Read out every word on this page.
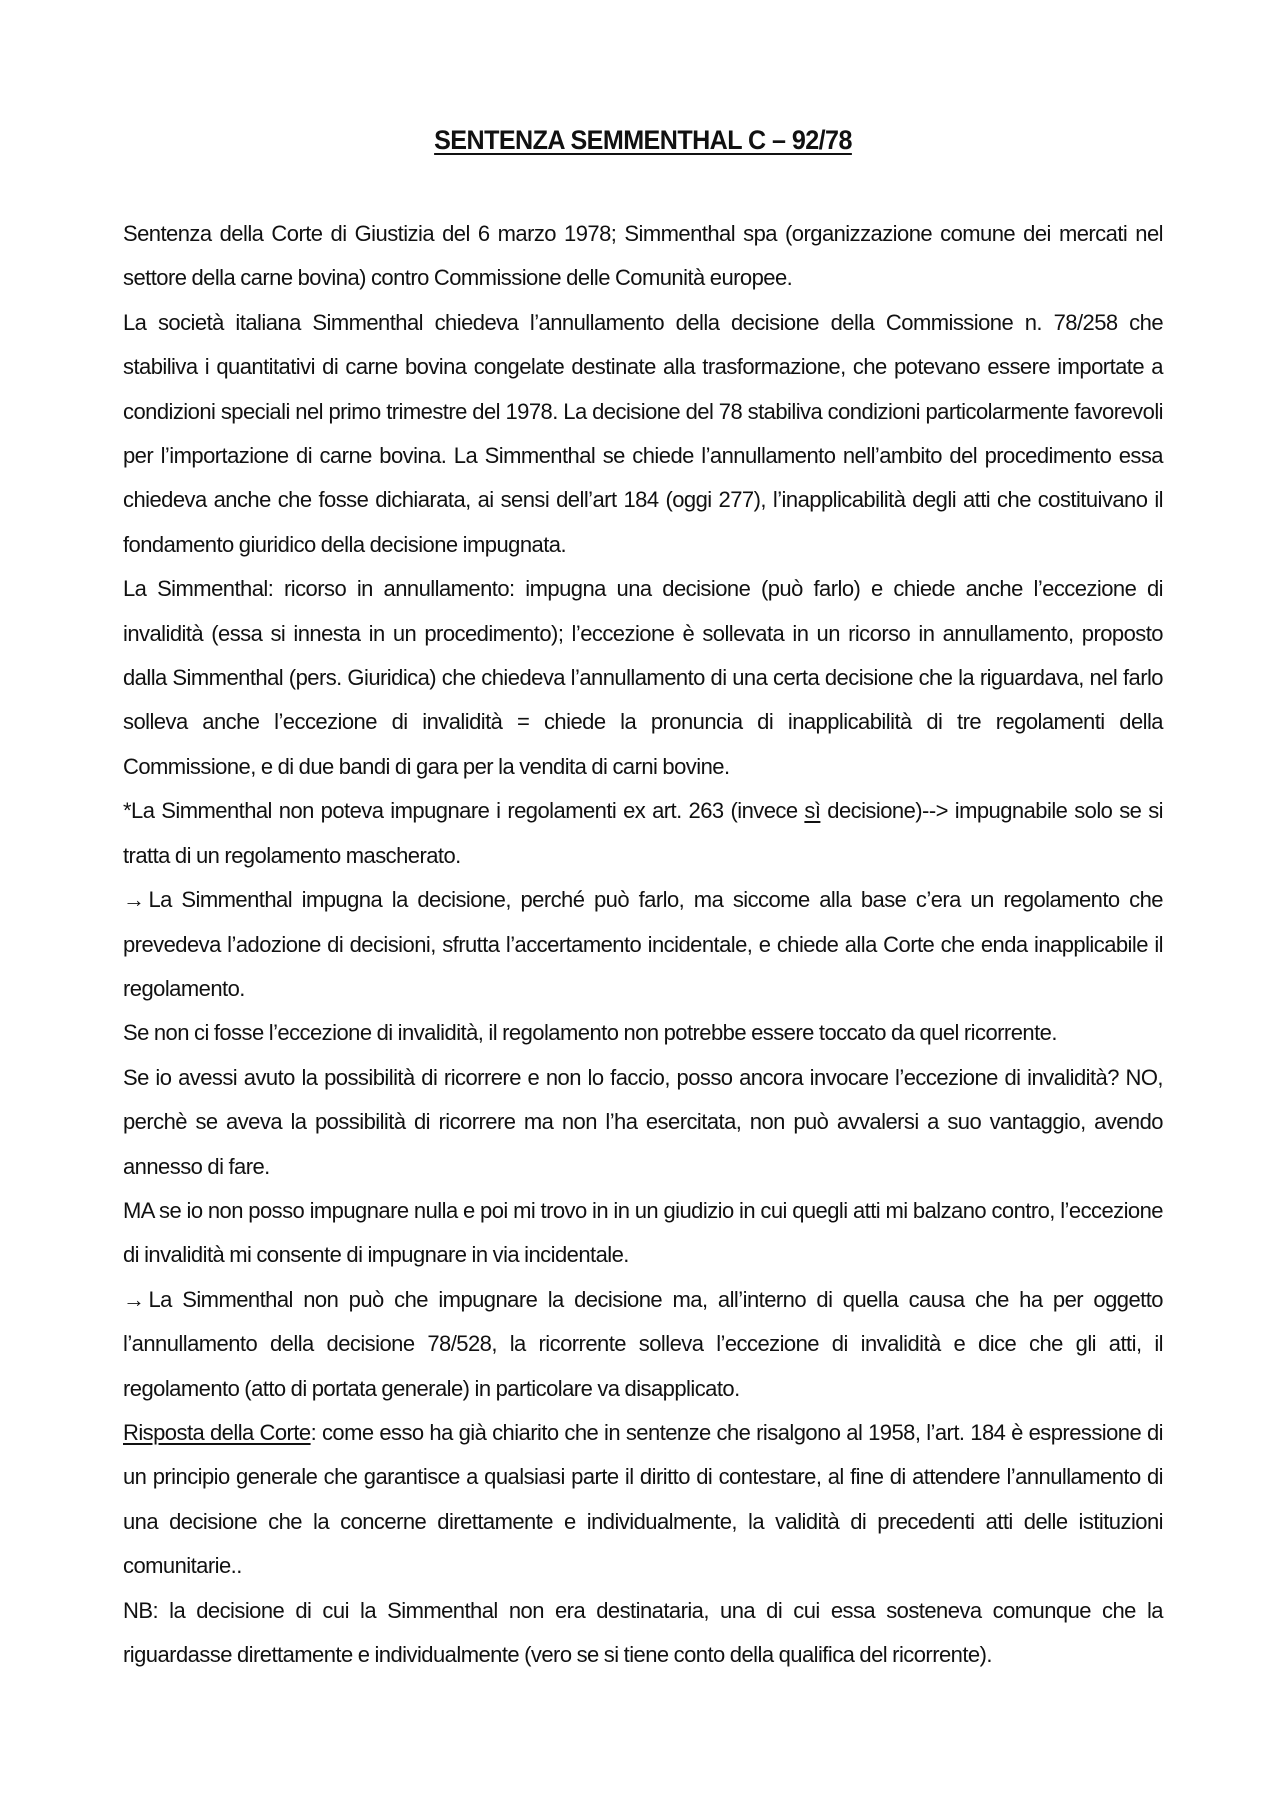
SENTENZA SEMMENTHAL C – 92/78

Sentenza della Corte di Giustizia del 6 marzo 1978; Simmenthal spa (organizzazione comune dei mercati nel settore della carne bovina) contro Commissione delle Comunità europee.

La società italiana Simmenthal chiedeva l’annullamento della decisione della Commissione n. 78/258 che stabiliva i quantitativi di carne bovina congelate destinate alla trasformazione, che potevano essere importate a condizioni speciali nel primo trimestre del 1978. La decisione del 78 stabiliva condizioni particolarmente favorevoli per l’importazione di carne bovina. La Simmenthal se chiede l’annullamento nell’ambito del procedimento essa chiedeva anche che fosse dichiarata, ai sensi dell’art 184 (oggi 277), l’inapplicabilità degli atti che costituivano il fondamento giuridico della decisione impugnata.

La Simmenthal: ricorso in annullamento: impugna una decisione (può farlo) e chiede anche l’eccezione di invalidità (essa si innesta in un procedimento); l’eccezione è sollevata in un ricorso in annullamento, proposto dalla Simmenthal (pers. Giuridica) che chiedeva l’annullamento di una certa decisione che la riguardava, nel farlo solleva anche l’eccezione di invalidità = chiede la pronuncia di inapplicabilità di tre regolamenti della Commissione, e di due bandi di gara per la vendita di carni bovine.

*La Simmenthal non poteva impugnare i regolamenti ex art. 263 (invece sì decisione)--> impugnabile solo se si tratta di un regolamento mascherato.

→ La Simmenthal impugna la decisione, perché può farlo, ma siccome alla base c’era un regolamento che prevedeva l’adozione di decisioni, sfrutta l’accertamento incidentale, e chiede alla Corte che enda inapplicabile il regolamento.

Se non ci fosse l’eccezione di invalidità, il regolamento non potrebbe essere toccato da quel ricorrente.

Se io avessi avuto la possibilità di ricorrere e non lo faccio, posso ancora invocare l’eccezione di invalidità? NO, perchè se aveva la possibilità di ricorrere ma non l’ha esercitata, non può avvalersi a suo vantaggio, avendo annesso di fare.

MA se io non posso impugnare nulla e poi mi trovo in in un giudizio in cui quegli atti mi balzano contro, l’eccezione di invalidità mi consente di impugnare in via incidentale.

→ La Simmenthal non può che impugnare la decisione ma, all’interno di quella causa che ha per oggetto l’annullamento della decisione 78/528, la ricorrente solleva l’eccezione di invalidità e dice che gli atti, il regolamento (atto di portata generale) in particolare va disapplicato.

Risposta della Corte: come esso ha già chiarito che in sentenze che risalgono al 1958, l’art. 184 è espressione di un principio generale che garantisce a qualsiasi parte il diritto di contestare, al fine di attendere l’annullamento di una decisione che la concerne direttamente e individualmente, la validità di precedenti atti delle istituzioni comunitarie..

NB: la decisione di cui la Simmenthal non era destinataria, una di cui essa sosteneva comunque che la riguardasse direttamente e individualmente (vero se si tiene conto della qualifica del ricorrente).
